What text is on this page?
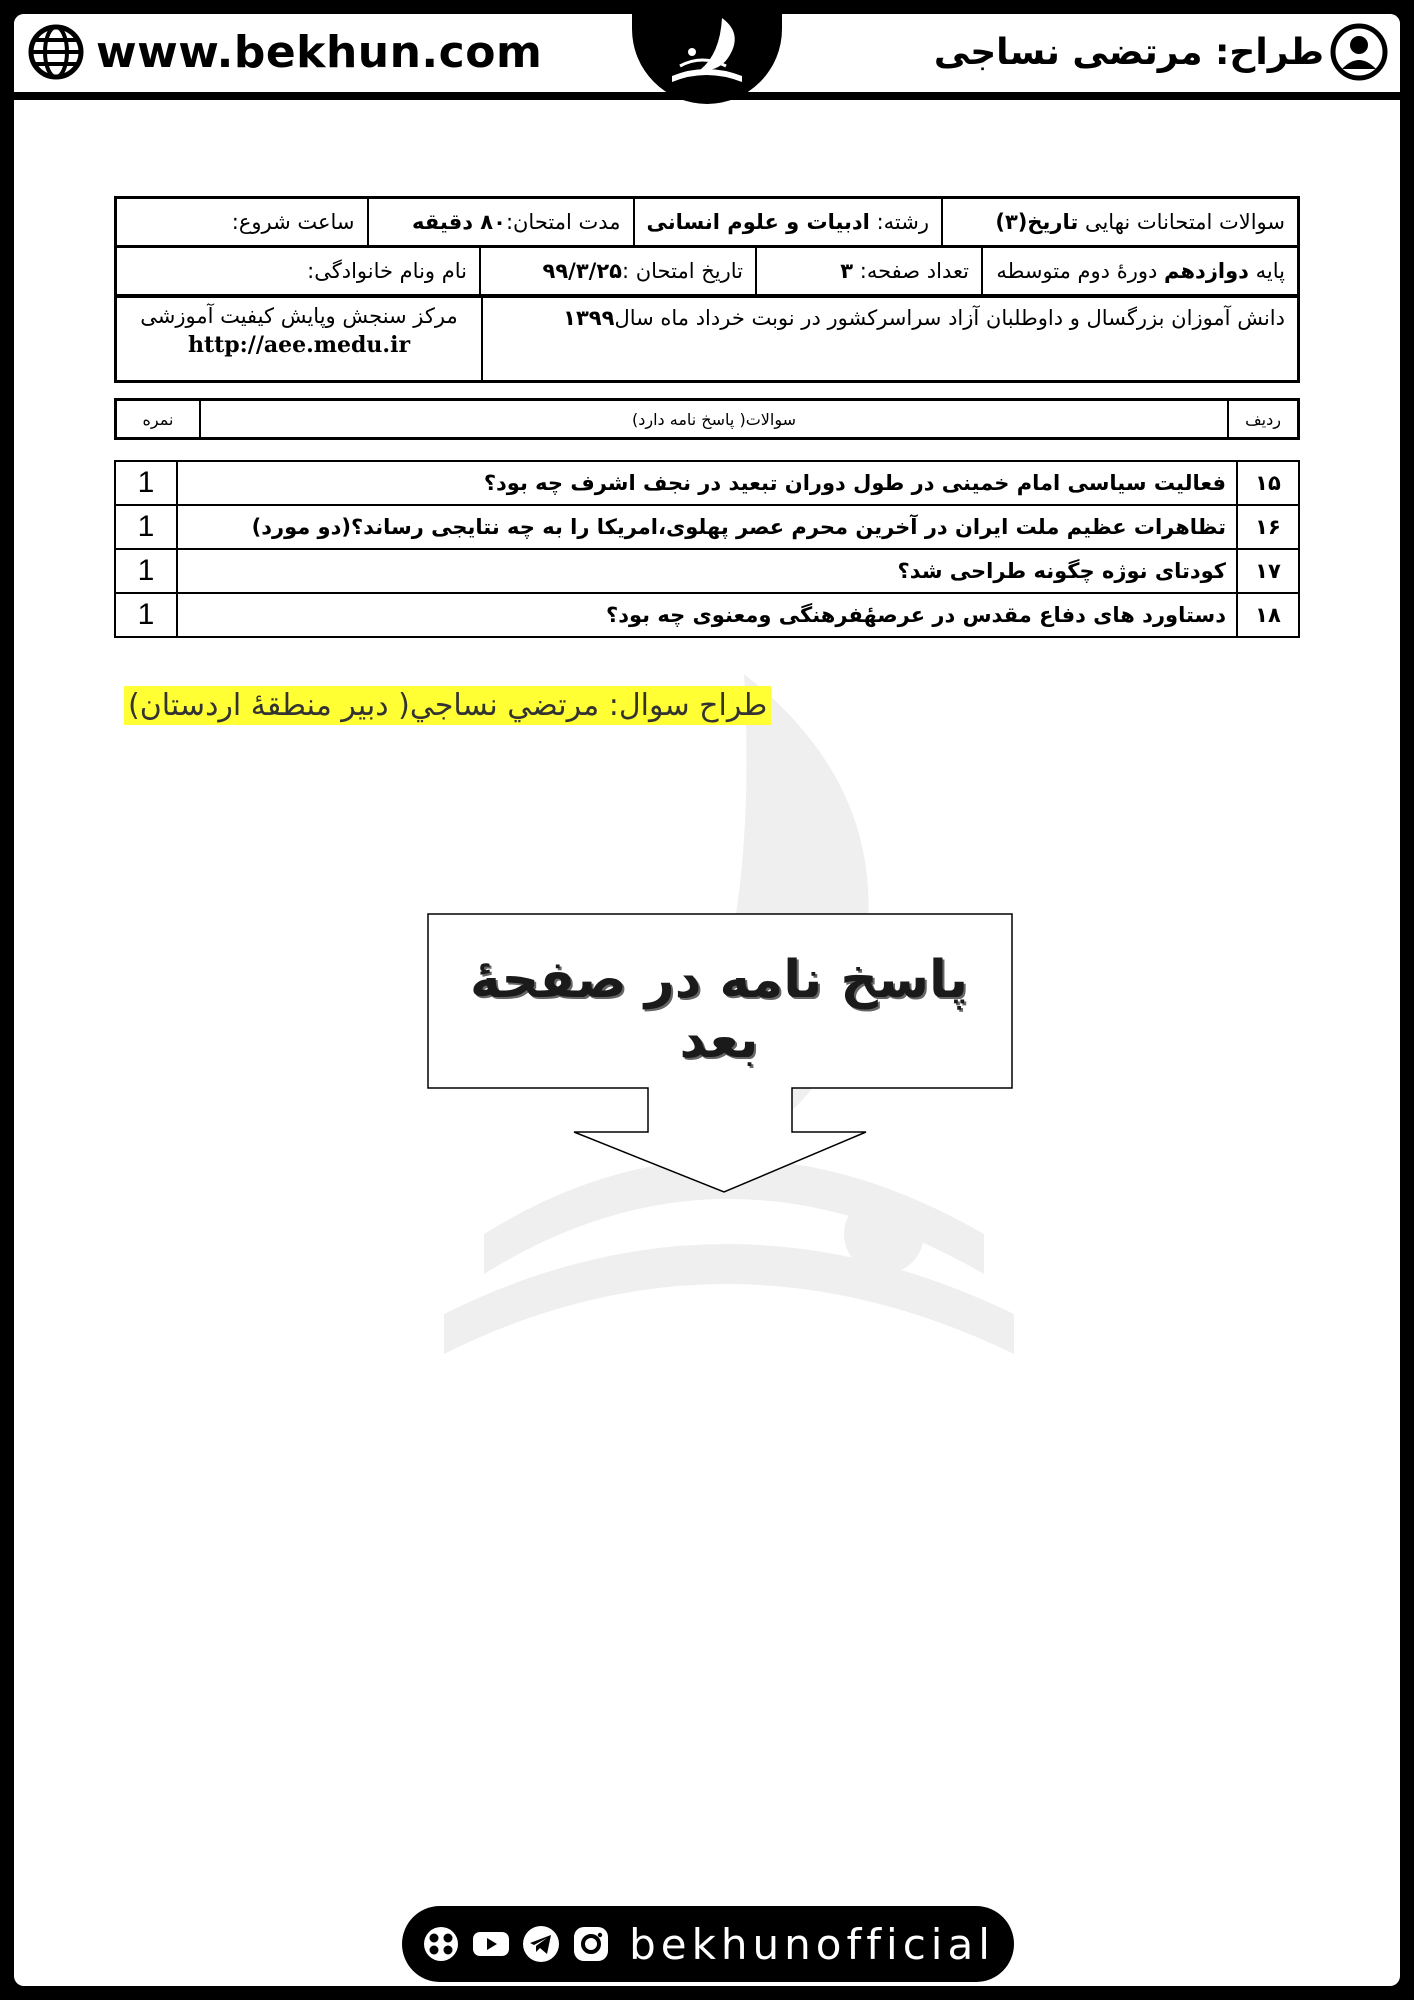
www.bekhun.com	طراح: مرتضی نساجی
سوالات امتحانات نهایی تاریخ(۳)	رشته: ادبیات و علوم انسانی	مدت امتحان:۸۰ دقیقه	ساعت شروع:
پایه دوازدهم دورهٔ دوم متوسطه	تعداد صفحه: ۳	تاریخ امتحان :۹۹/۳/۲۵	نام ونام خانوادگی:
دانش آموزان بزرگسال و داوطلبان آزاد سراسرکشور در نوبت خرداد ماه سال۱۳۹۹	مرکز سنجش وپایش کیفیت آموزشی
http://aee.medu.ir
ردیف	سوالات( پاسخ نامه دارد)	نمره
۱۵	فعالیت سیاسی امام خمینی در طول دوران تبعید در نجف اشرف چه بود؟	1
۱۶	تظاهرات عظیم ملت ایران در آخرین محرم عصر پهلوی،امریکا را به چه نتایجی رساند؟(دو مورد)	1
۱۷	کودتای نوژه چگونه طراحی شد؟	1
۱۸	دستاورد های دفاع مقدس در عرصهٔفرهنگی ومعنوی چه بود؟	1
طراح سوال: مرتضي نساجي( دبير منطقهٔ اردستان)
پاسخ نامه در صفحهٔ بعد
bekhunofficial
